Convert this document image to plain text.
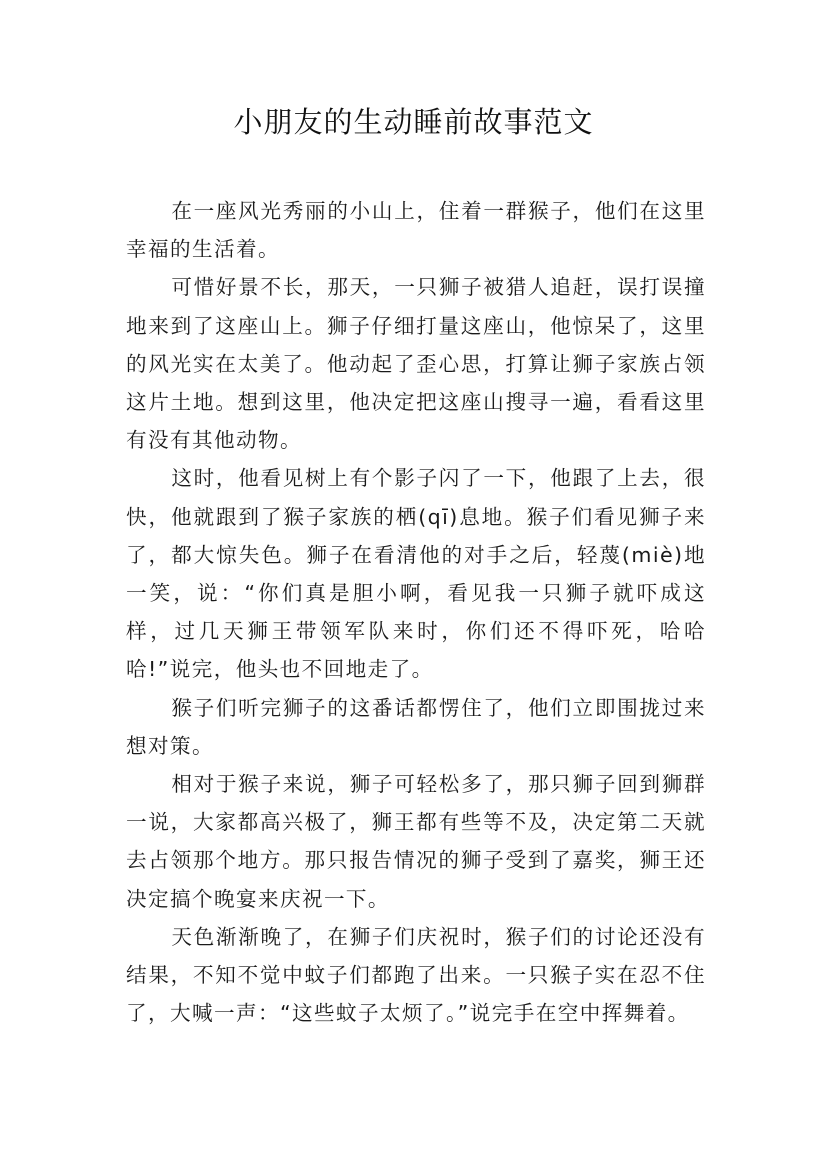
小朋友的生动睡前故事范文

在一座风光秀丽的小山上，住着一群猴子，他们在这里幸福的生活着。

可惜好景不长，那天，一只狮子被猎人追赶，误打误撞地来到了这座山上。狮子仔细打量这座山，他惊呆了，这里的风光实在太美了。他动起了歪心思，打算让狮子家族占领这片土地。想到这里，他决定把这座山搜寻一遍，看看这里有没有其他动物。

这时，他看见树上有个影子闪了一下，他跟了上去，很快，他就跟到了猴子家族的栖(qī)息地。猴子们看见狮子来了，都大惊失色。狮子在看清他的对手之后，轻蔑(miè)地一笑，说：“你们真是胆小啊，看见我一只狮子就吓成这样，过几天狮王带领军队来时，你们还不得吓死，哈哈哈!”说完，他头也不回地走了。

猴子们听完狮子的这番话都愣住了，他们立即围拢过来想对策。

相对于猴子来说，狮子可轻松多了，那只狮子回到狮群一说，大家都高兴极了，狮王都有些等不及，决定第二天就去占领那个地方。那只报告情况的狮子受到了嘉奖，狮王还决定搞个晚宴来庆祝一下。

天色渐渐晚了，在狮子们庆祝时，猴子们的讨论还没有结果，不知不觉中蚊子们都跑了出来。一只猴子实在忍不住了，大喊一声：“这些蚊子太烦了。”说完手在空中挥舞着。
